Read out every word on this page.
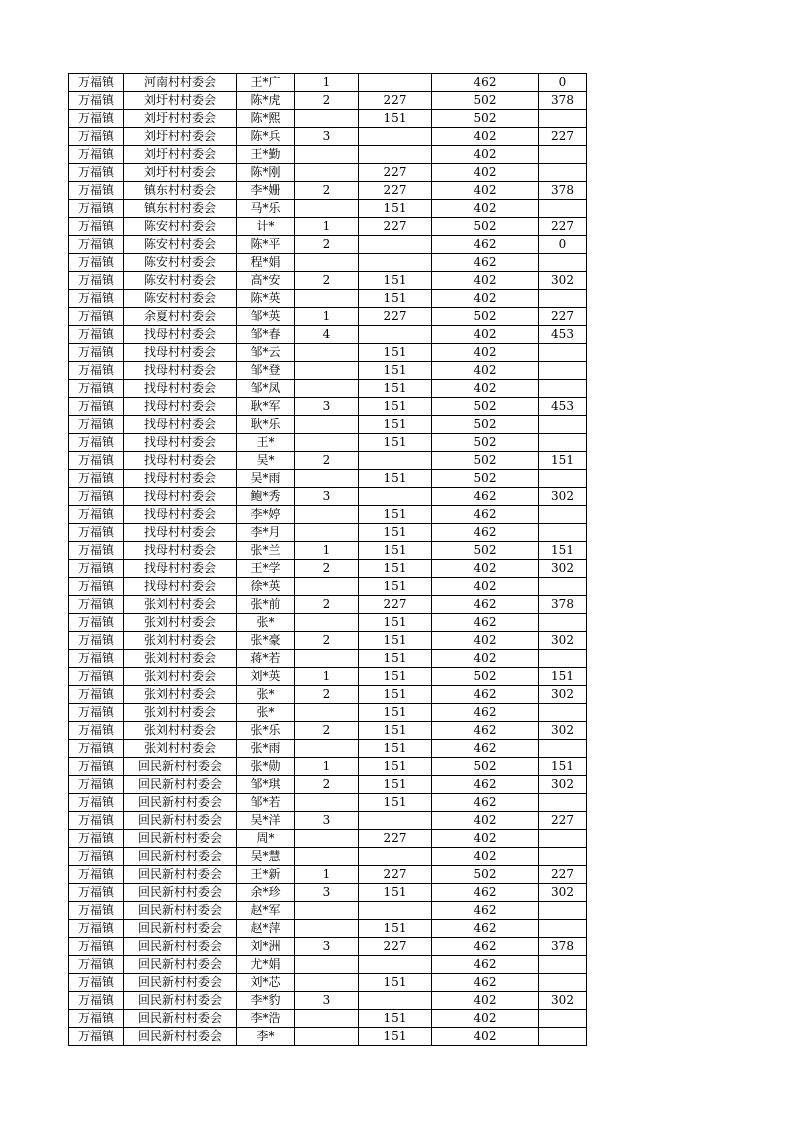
万福镇	河南村村委会	王*广	1		462	0
万福镇	刘圩村村委会	陈*虎	2	227	502	378
万福镇	刘圩村村委会	陈*熙		151	502	
万福镇	刘圩村村委会	陈*兵	3		402	227
万福镇	刘圩村村委会	王*勤			402	
万福镇	刘圩村村委会	陈*刚		227	402	
万福镇	镇东村村委会	李*姗	2	227	402	378
万福镇	镇东村村委会	马*乐		151	402	
万福镇	陈安村村委会	计*	1	227	502	227
万福镇	陈安村村委会	陈*平	2		462	0
万福镇	陈安村村委会	程*娟			462	
万福镇	陈安村村委会	高*安	2	151	402	302
万福镇	陈安村村委会	陈*英		151	402	
万福镇	余夏村村委会	邹*英	1	227	502	227
万福镇	找母村村委会	邹*春	4		402	453
万福镇	找母村村委会	邹*云		151	402	
万福镇	找母村村委会	邹*登		151	402	
万福镇	找母村村委会	邹*凤		151	402	
万福镇	找母村村委会	耿*军	3	151	502	453
万福镇	找母村村委会	耿*乐		151	502	
万福镇	找母村村委会	王*		151	502	
万福镇	找母村村委会	吴*	2		502	151
万福镇	找母村村委会	吴*雨		151	502	
万福镇	找母村村委会	鲍*秀	3		462	302
万福镇	找母村村委会	李*婷		151	462	
万福镇	找母村村委会	李*月		151	462	
万福镇	找母村村委会	张*兰	1	151	502	151
万福镇	找母村村委会	王*学	2	151	402	302
万福镇	找母村村委会	徐*英		151	402	
万福镇	张刘村村委会	张*前	2	227	462	378
万福镇	张刘村村委会	张*		151	462	
万福镇	张刘村村委会	张*豪	2	151	402	302
万福镇	张刘村村委会	蒋*若		151	402	
万福镇	张刘村村委会	刘*英	1	151	502	151
万福镇	张刘村村委会	张*	2	151	462	302
万福镇	张刘村村委会	张*		151	462	
万福镇	张刘村村委会	张*乐	2	151	462	302
万福镇	张刘村村委会	张*雨		151	462	
万福镇	回民新村村委会	张*勋	1	151	502	151
万福镇	回民新村村委会	邹*琪	2	151	462	302
万福镇	回民新村村委会	邹*若		151	462	
万福镇	回民新村村委会	吴*洋	3		402	227
万福镇	回民新村村委会	周*		227	402	
万福镇	回民新村村委会	吴*慧			402	
万福镇	回民新村村委会	王*新	1	227	502	227
万福镇	回民新村村委会	余*珍	3	151	462	302
万福镇	回民新村村委会	赵*军			462	
万福镇	回民新村村委会	赵*萍		151	462	
万福镇	回民新村村委会	刘*洲	3	227	462	378
万福镇	回民新村村委会	尤*娟			462	
万福镇	回民新村村委会	刘*芯		151	462	
万福镇	回民新村村委会	李*豹	3		402	302
万福镇	回民新村村委会	李*浩		151	402	
万福镇	回民新村村委会	李*		151	402	
